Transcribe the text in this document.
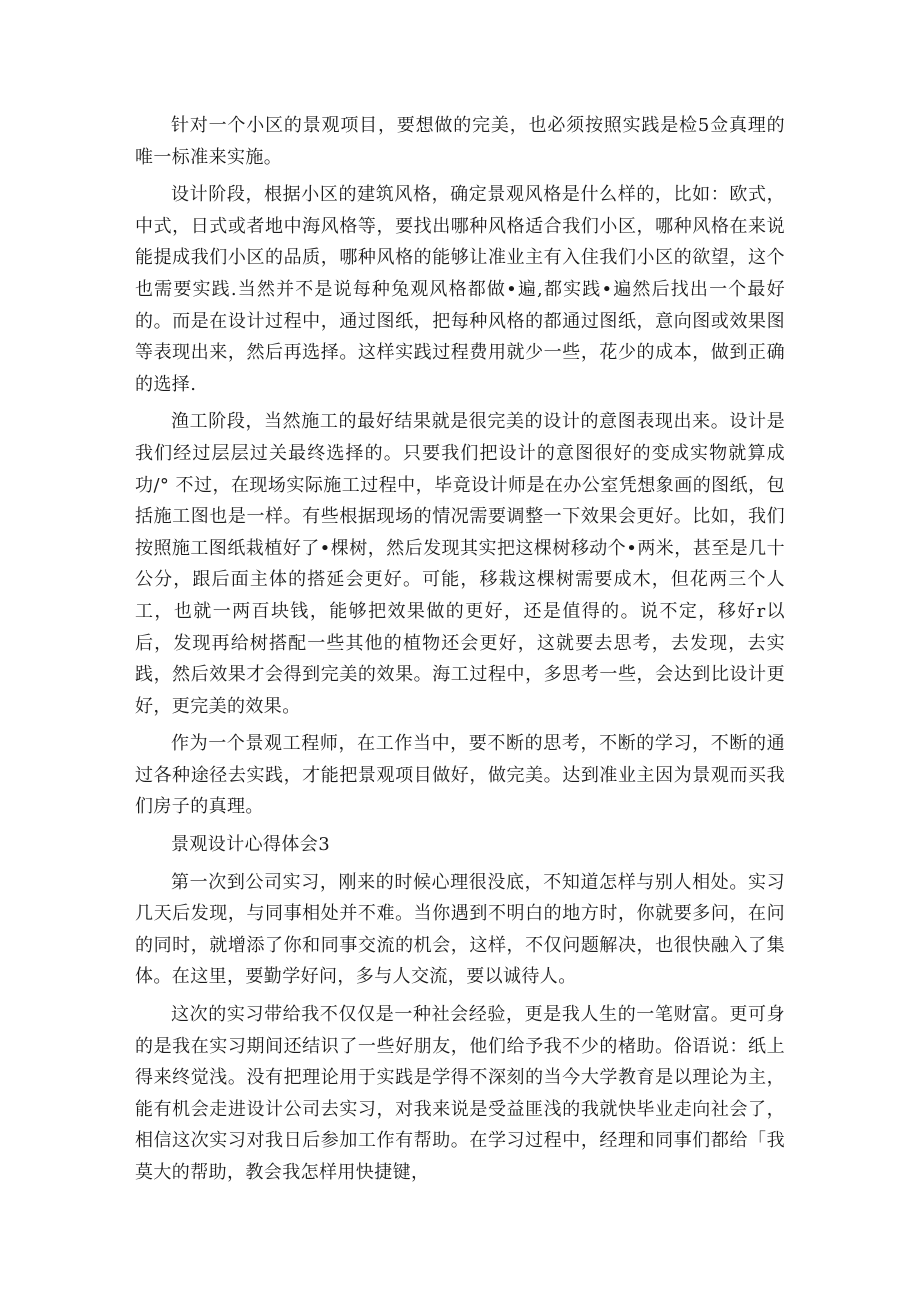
针对一个小区的景观项目，要想做的完美，也必须按照实践是检5佥真理的唯一标准来实施。

设计阶段，根据小区的建筑风格，确定景观风格是什么样的，比如：欧式，中式，日式或者地中海风格等，要找出哪种风格适合我们小区，哪种风格在来说能提成我们小区的品质，哪种风格的能够让准业主有入住我们小区的欲望，这个也需要实践.当然并不是说每种兔观风格都做•遍,都实践•遍然后找出一个最好的。而是在设计过程中，通过图纸，把每种风格的都通过图纸，意向图或效果图等表现出来，然后再选择。这样实践过程费用就少一些，花少的成本，做到正确的选择.

渔工阶段，当然施工的最好结果就是很完美的设计的意图表现出来。设计是我们经过层层过关最终选择的。只要我们把设计的意图很好的变成实物就算成功/° 不过，在现场实际施工过程中，毕竟设计师是在办公室凭想象画的图纸，包括施工图也是一样。有些根据现场的情况需要调整一下效果会更好。比如，我们按照施工图纸栽植好了•棵树，然后发现其实把这棵树移动个•两米，甚至是几十公分，跟后面主体的搭延会更好。可能，移栽这棵树需要成木，但花两三个人工，也就一两百块钱，能够把效果做的更好，还是值得的。说不定，移好r以后，发现再给树搭配一些其他的植物还会更好，这就要去思考，去发现，去实践，然后效果才会得到完美的效果。海工过程中，多思考一些，会达到比设计更好，更完美的效果。

作为一个景观工程师，在工作当中，要不断的思考，不断的学习，不断的通过各种途径去实践，才能把景观项目做好，做完美。达到准业主因为景观而买我们房子的真理。

景观设计心得体会3

第一次到公司实习，刚来的时候心理很没底，不知道怎样与别人相处。实习几天后发现，与同事相处并不难。当你遇到不明白的地方时，你就要多问，在问的同时，就增添了你和同事交流的机会，这样，不仅问题解决，也很快融入了集体。在这里，要勤学好问，多与人交流，要以诚待人。

这次的实习带给我不仅仅是一种社会经验，更是我人生的一笔财富。更可身的是我在实习期间还结识了一些好朋友，他们给予我不少的楮助。俗语说：纸上得来终觉浅。没有把理论用于实践是学得不深刻的当今大学教育是以理论为主，能有机会走进设计公司去实习，对我来说是受益匪浅的我就快毕业走向社会了，相信这次实习对我日后参加工作有帮助。在学习过程中，经理和同事们都给「我莫大的帮助，教会我怎样用快捷键，
